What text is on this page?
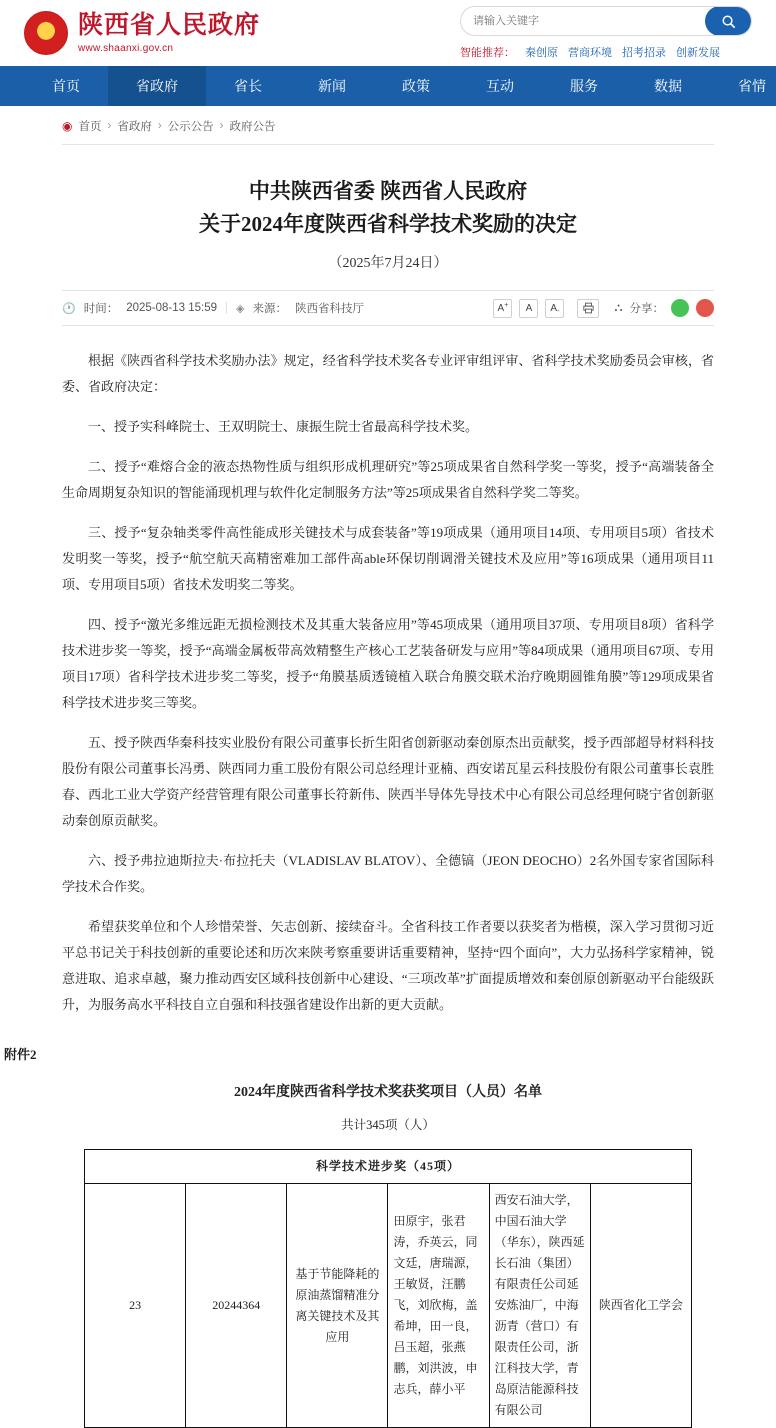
★
陕西省人民政府
www.shaanxi.gov.cn
请输入关键字	智能推荐： 秦创原 营商环境 招考招录 创新发展
首页	省政府	省长	新闻	政策	互动	服务	数据	省情
◉ 首页 › 省政府 › 公示公告 › 政府公告
中共陕西省委 陕西省人民政府
关于2024年度陕西省科学技术奖励的决定
（2025年7月24日）
🕐 时间： 2025-08-13 15:59 | ◈ 来源： 陕西省科技厅	A+	A	$A_-$	⛬ 分享：

根据《陕西省科学技术奖励办法》规定，经省科学技术奖各专业评审组评审、省科学技术奖励委员会审核，省委、省政府决定：

一、授予实科峰院士、王双明院士、康振生院士省最高科学技术奖。

二、授予“难熔合金的液态热物性质与组织形成机理研究”等25项成果省自然科学奖一等奖，授予“高端装备全生命周期复杂知识的智能涌现机理与软件化定制服务方法”等25项成果省自然科学奖二等奖。

三、授予“复杂轴类零件高性能成形关键技术与成套装备”等19项成果（通用项目14项、专用项目5项）省技术发明奖一等奖，授予“航空航天高精密难加工部件高able环保切削调滑关键技术及应用”等16项成果（通用项目11项、专用项目5项）省技术发明奖二等奖。

四、授予“激光多维远距无损检测技术及其重大装备应用”等45项成果（通用项目37项、专用项目8项）省科学技术进步奖一等奖，授予“高端金属板带高效精整生产核心工艺装备研发与应用”等84项成果（通用项目67项、专用项目17项）省科学技术进步奖二等奖，授予“角膜基质透镜植入联合角膜交联术治疗晚期圆锥角膜”等129项成果省科学技术进步奖三等奖。

五、授予陕西华秦科技实业股份有限公司董事长折生阳省创新驱动秦创原杰出贡献奖，授予西部超导材料科技股份有限公司董事长冯勇、陕西同力重工股份有限公司总经理计亚楠、西安诺瓦星云科技股份有限公司董事长袁胜春、西北工业大学资产经营管理有限公司董事长符新伟、陕西半导体先导技术中心有限公司总经理何晓宁省创新驱动秦创原贡献奖。

六、授予弗拉迪斯拉夫·布拉托夫（VLADISLAV BLATOV）、全德镐（JEON DEOCHO）2名外国专家省国际科学技术合作奖。

希望获奖单位和个人珍惜荣誉、矢志创新、接续奋斗。全省科技工作者要以获奖者为楷模，深入学习贯彻习近平总书记关于科技创新的重要论述和历次来陕考察重要讲话重要精神，坚持“四个面向”，大力弘扬科学家精神，锐意进取、追求卓越，聚力推动西安区域科技创新中心建设、“三项改革”扩面提质增效和秦创原创新驱动平台能级跃升，为服务高水平科技自立自强和科技强省建设作出新的更大贡献。

附件2
2024年度陕西省科学技术奖获奖项目（人员）名单
共计345项（人）
科学技术进步奖（45项）
23	20244364	基于节能降耗的原油蒸馏精准分离关键技术及其应用	田原宇，张君涛，乔英云，同文廷，唐瑞源，王敏贤，汪鹏飞，刘欣梅，盖希坤，田一良，吕玉超，张燕鹏，刘洪波，申志兵，薛小平	西安石油大学，中国石油大学（华东），陕西延长石油（集团）有限责任公司延安炼油厂，中海沥青（营口）有限责任公司，浙江科技大学，青岛原洁能源科技有限公司	陕西省化工学会
